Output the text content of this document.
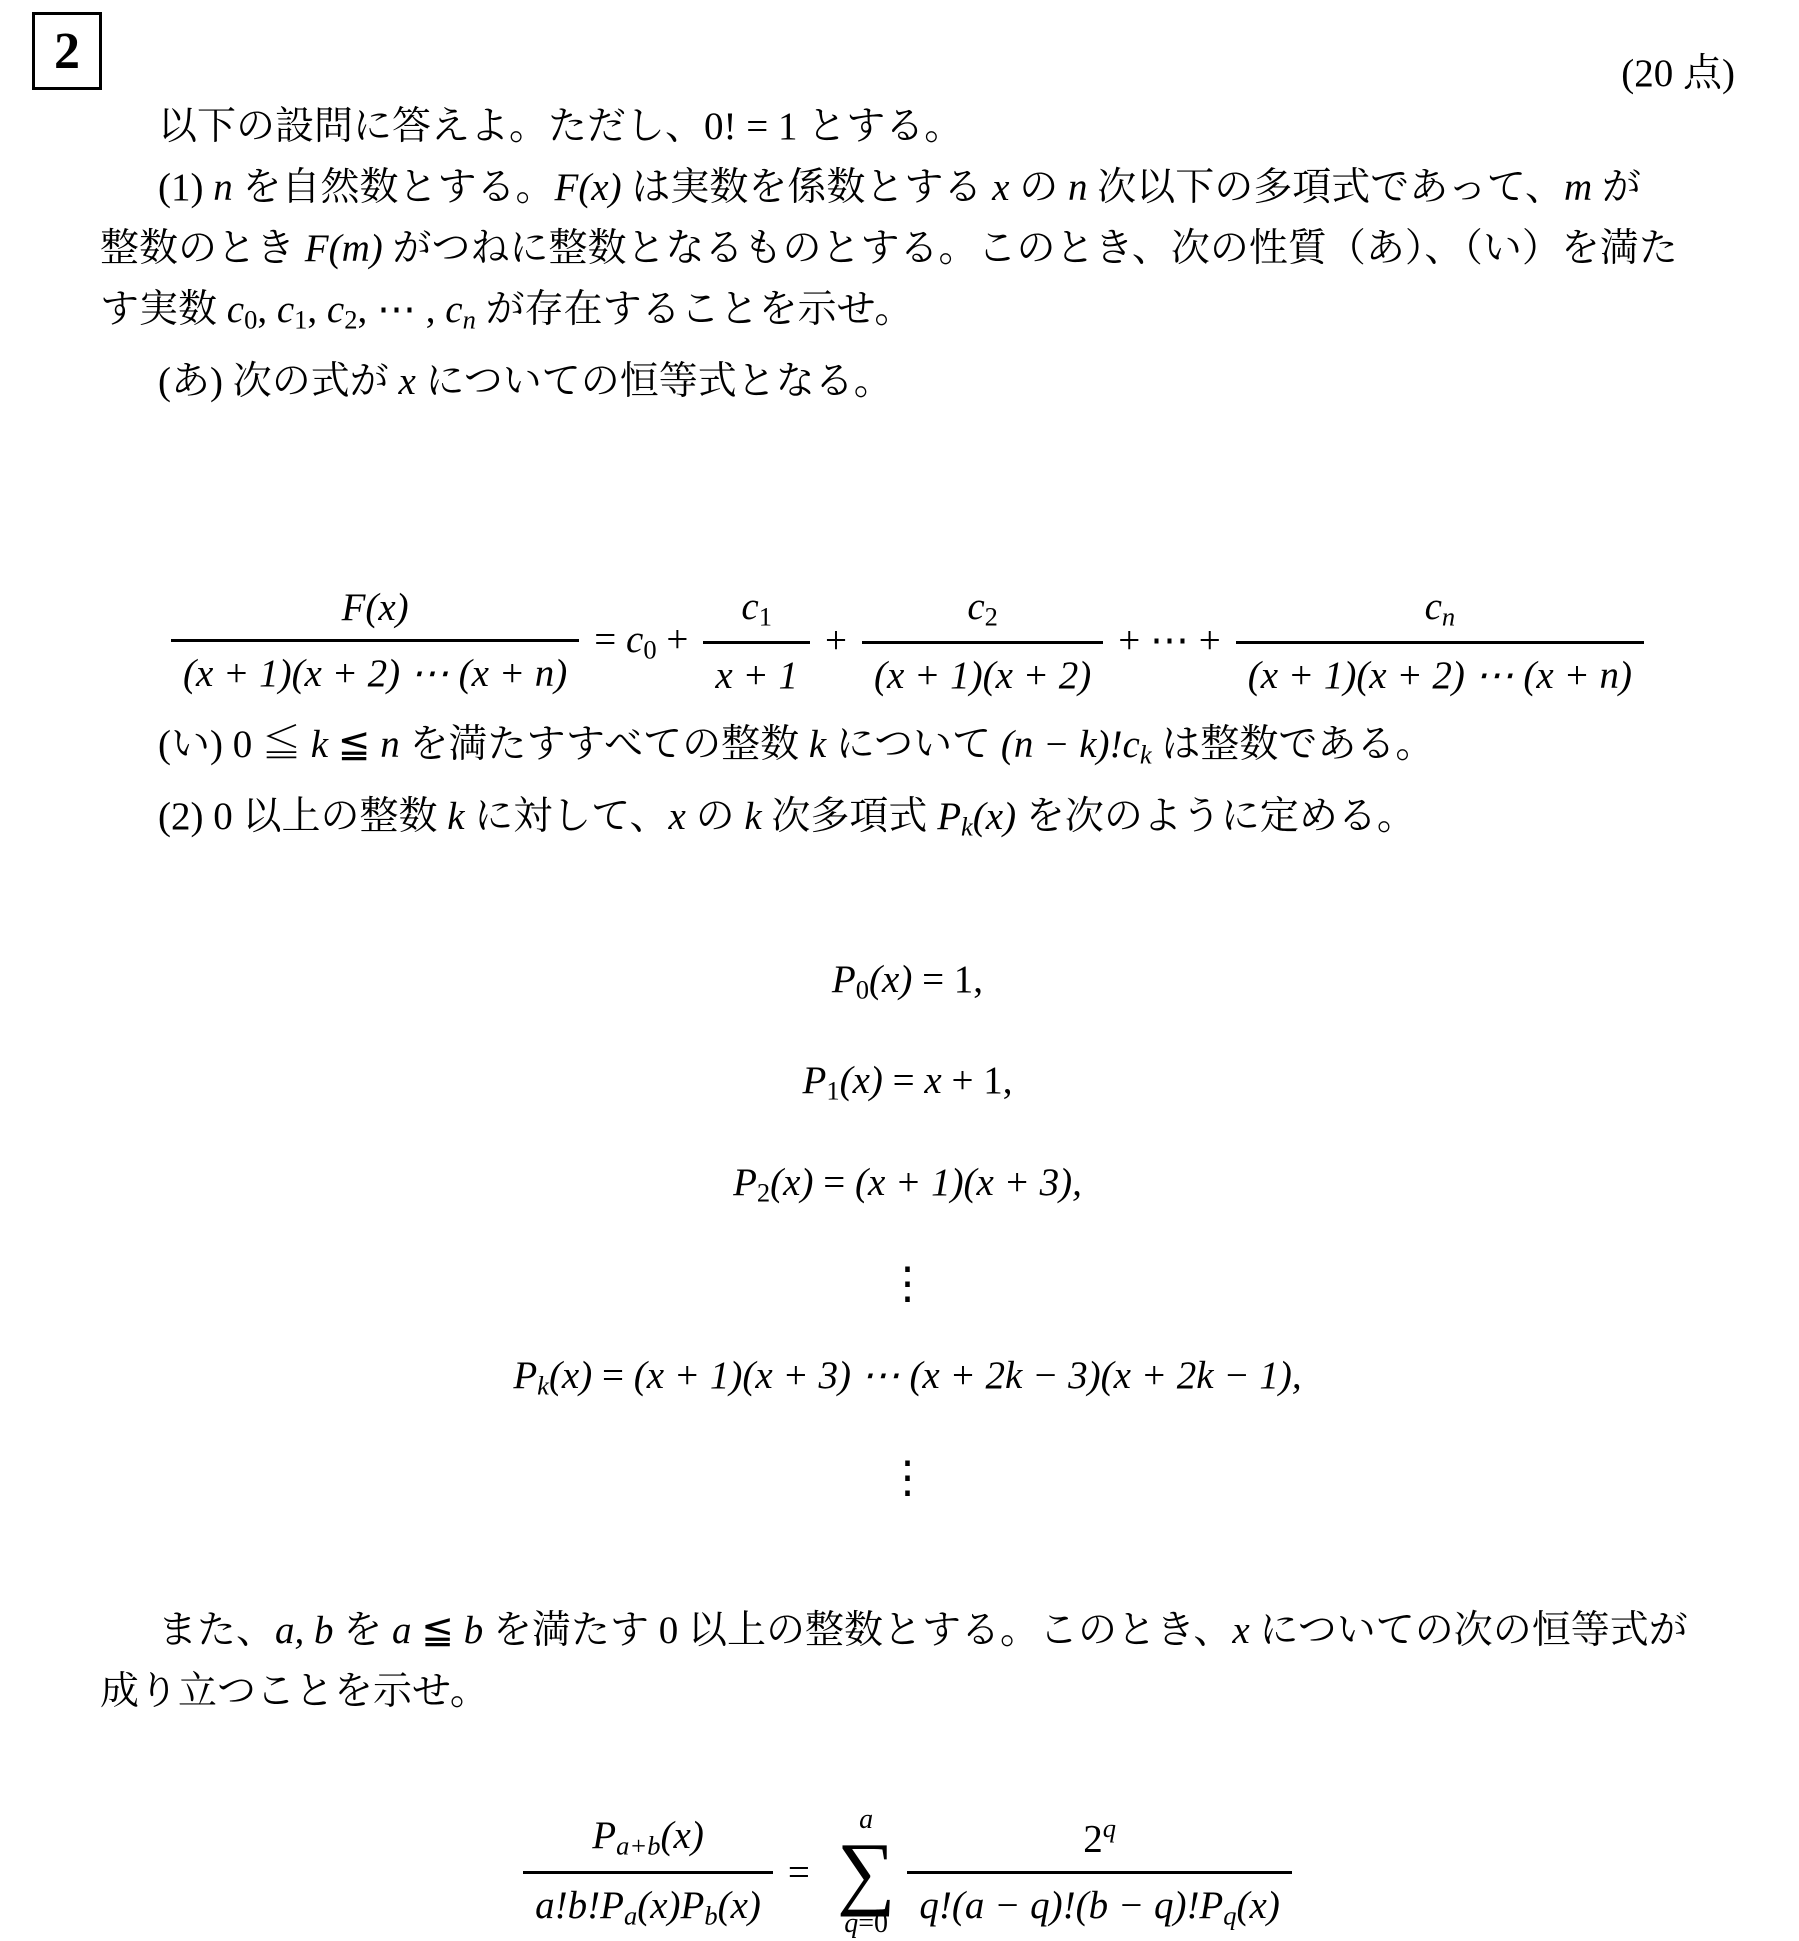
2	(20 点)

以下の設問に答えよ。ただし、0! = 1 とする。

(1) n を自然数とする。F(x) は実数を係数とする x の n 次以下の多項式であって、m が

整数のとき F(m) がつねに整数となるものとする。このとき、次の性質（あ）、（い）を満た

す実数 c0, c1, c2, ⋯ , cn が存在することを示せ。

(あ) 次の式が x についての恒等式となる。

$\frac{F(x)}{(x + 1)(x + 2) \cdots (x + n)} = c0 + \frac{c1}{x + 1} + \frac{c2}{(x + 1)(x + 2)}$ + ⋯ + $\frac{cn}{(x + 1)(x + 2) \cdots (x + n)}$

(い) 0 ≦ k ≦ n を満たすすべての整数 k について (n − k)!ck は整数である。

(2) 0 以上の整数 k に対して、x の k 次多項式 Pk(x) を次のように定める。

P0(x) = 1,
P1(x) = x + 1,
P2(x) = (x + 1)(x + 3),
⋮
Pk(x) = (x + 1)(x + 3) ⋯ (x + 2k − 3)(x + 2k − 1),
⋮

また、a, b を a ≦ b を満たす 0 以上の整数とする。このとき、x についての次の恒等式が

成り立つことを示せ。

$\frac{Pa+b(x)}{a!b!Pa(x)Pb(x)}$ =
a
∑
$q=0 \frac{2^q}{q!(a - q)!(b - q)!Pq(x)}$
